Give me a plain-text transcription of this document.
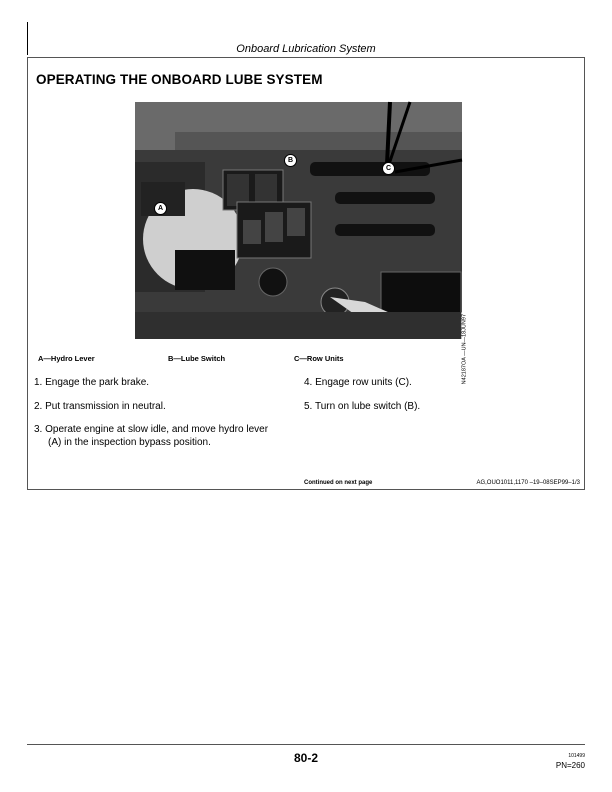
Onboard Lubrication System
OPERATING THE ONBOARD LUBE SYSTEM
A
B
C
N42187OA —UN—18JUN97
A—Hydro Lever	B—Lube Switch	C—Row Units
1. Engage the park brake.
2. Put transmission in neutral.
3. Operate engine at slow idle, and move hydro lever
(A) in the inspection bypass position.
4. Engage row units (C).
5. Turn on lube switch (B).
Continued on next page	AG,OUO1011,1170 –19–08SEP99–1/3
80-2	101499
PN=260
